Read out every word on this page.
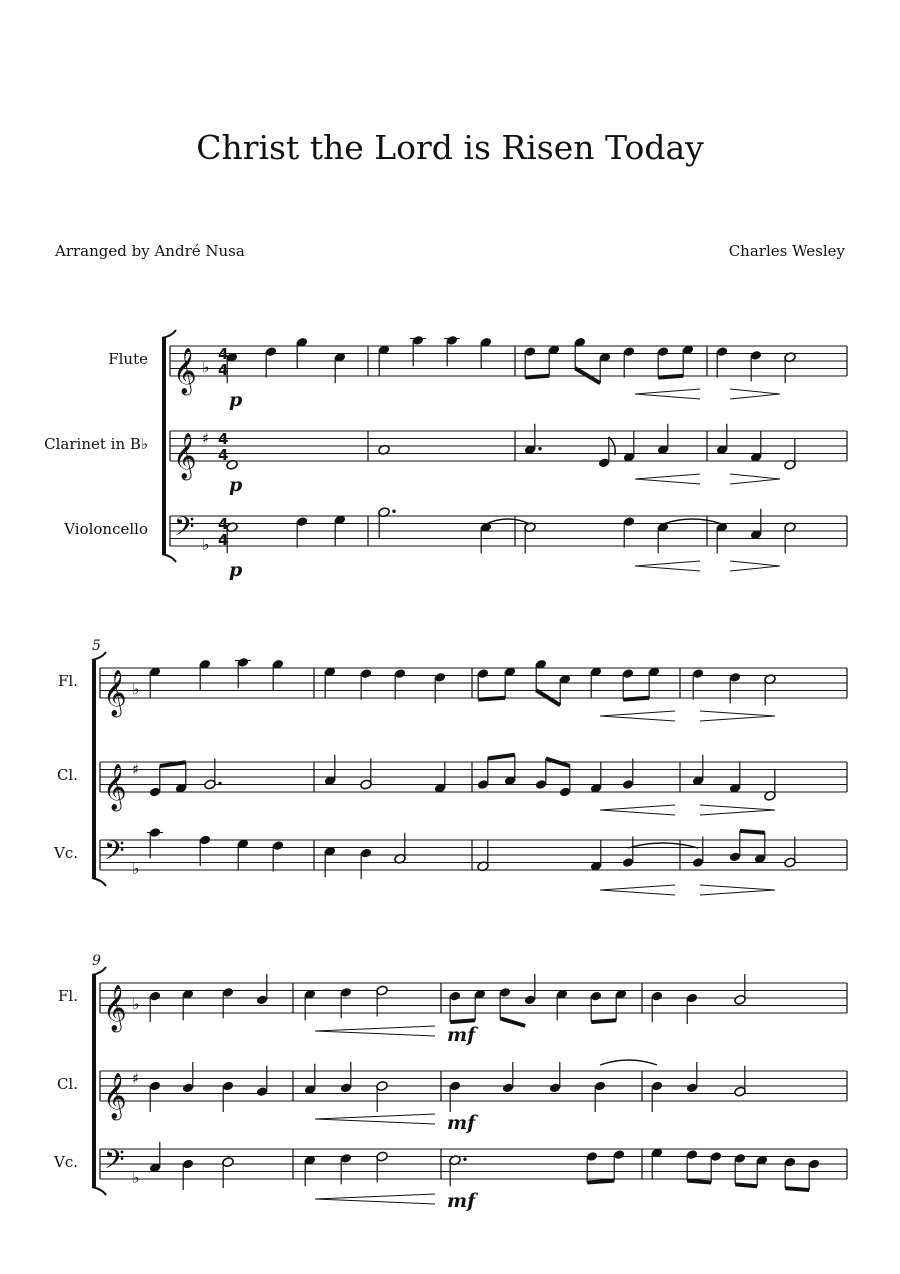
Christ the Lord is Risen Today
Arranged by André Nusa	Charles Wesley
Flute 𝄞 ♭
4
4
Clarinet in B♭ 𝄞 ♯ 4
4
Violoncello 𝄢 ♭
4
4
p
p
p
5
Fl. 𝄞 ♭
Cl. 𝄞 ♯
Vc. 𝄢 ♭
9
Fl. 𝄞 ♭
Cl. 𝄞 ♯
Vc. 𝄢 ♭
mf
mf
mf
